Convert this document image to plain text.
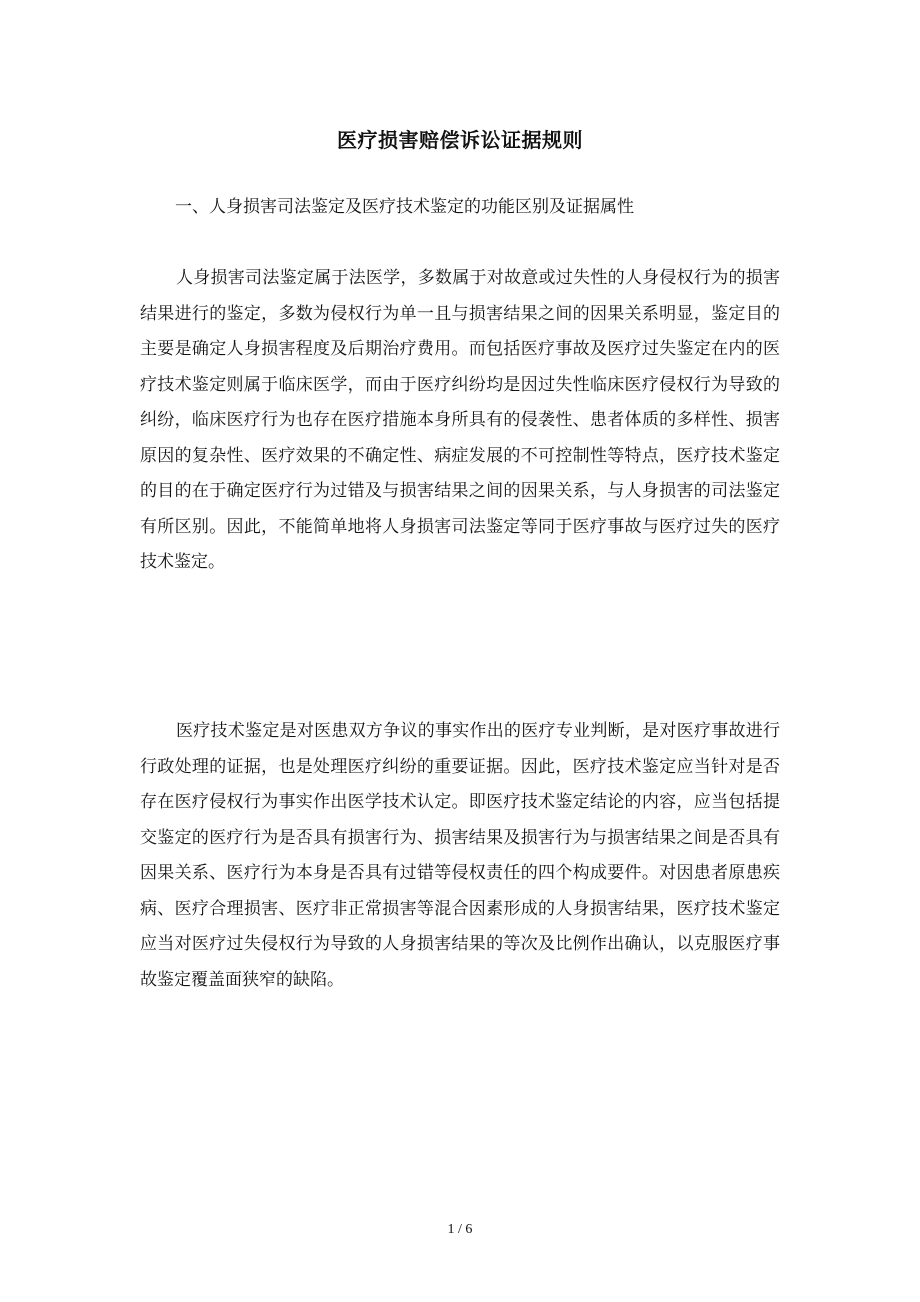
医疗损害赔偿诉讼证据规则
一、人身损害司法鉴定及医疗技术鉴定的功能区别及证据属性

人身损害司法鉴定属于法医学，多数属于对故意或过失性的人身侵权行为的损害结果进行的鉴定，多数为侵权行为单一且与损害结果之间的因果关系明显，鉴定目的主要是确定人身损害程度及后期治疗费用。而包括医疗事故及医疗过失鉴定在内的医疗技术鉴定则属于临床医学，而由于医疗纠纷均是因过失性临床医疗侵权行为导致的纠纷，临床医疗行为也存在医疗措施本身所具有的侵袭性、患者体质的多样性、损害原因的复杂性、医疗效果的不确定性、病症发展的不可控制性等特点，医疗技术鉴定的目的在于确定医疗行为过错及与损害结果之间的因果关系，与人身损害的司法鉴定有所区别。因此，不能简单地将人身损害司法鉴定等同于医疗事故与医疗过失的医疗技术鉴定。

医疗技术鉴定是对医患双方争议的事实作出的医疗专业判断，是对医疗事故进行行政处理的证据，也是处理医疗纠纷的重要证据。因此，医疗技术鉴定应当针对是否存在医疗侵权行为事实作出医学技术认定。即医疗技术鉴定结论的内容，应当包括提交鉴定的医疗行为是否具有损害行为、损害结果及损害行为与损害结果之间是否具有因果关系、医疗行为本身是否具有过错等侵权责任的四个构成要件。对因患者原患疾病、医疗合理损害、医疗非正常损害等混合因素形成的人身损害结果，医疗技术鉴定应当对医疗过失侵权行为导致的人身损害结果的等次及比例作出确认，以克服医疗事故鉴定覆盖面狭窄的缺陷。

1 / 6
